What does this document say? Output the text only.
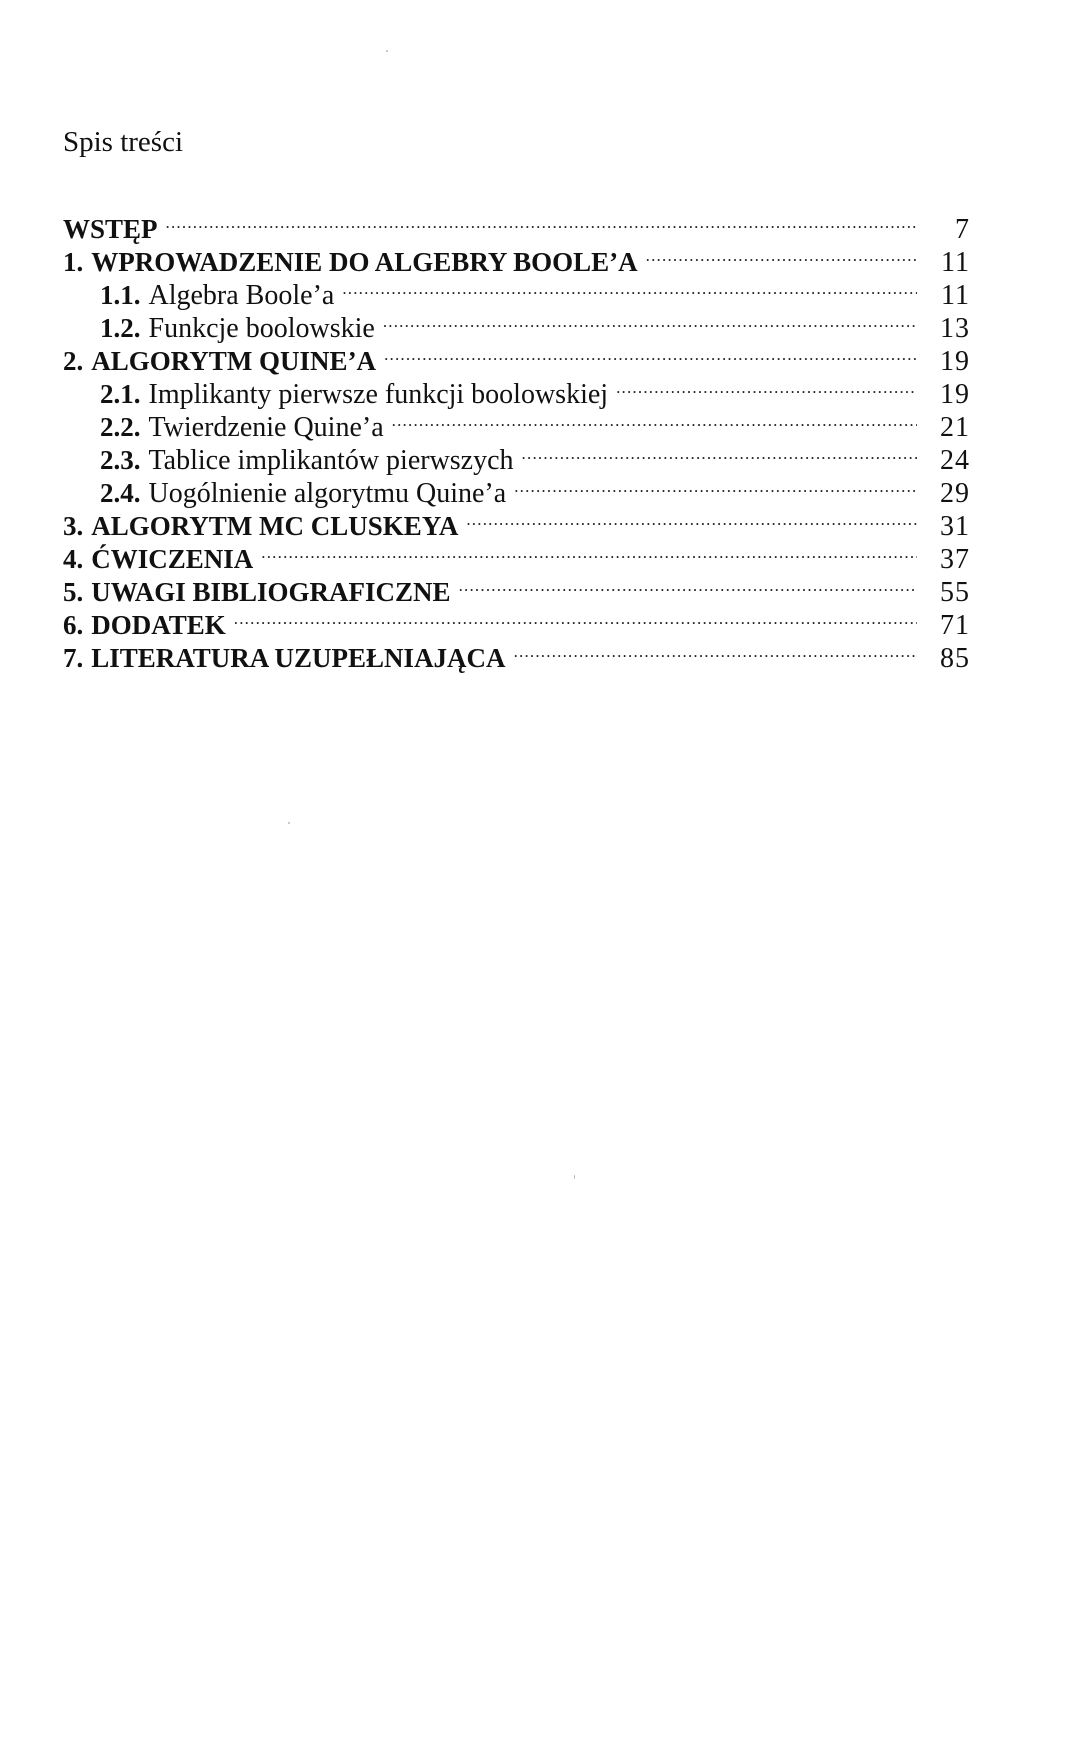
Spis treści
WSTĘP .....	7
1. WPROWADZENIE DO ALGEBRY BOOLE’A .....	11
1.1. Algebra Boole’a .....	11
1.2. Funkcje boolowskie .....	13
2. ALGORYTM QUINE’A .....	19
2.1. Implikanty pierwsze funkcji boolowskiej .....	19
2.2. Twierdzenie Quine’a .....	21
2.3. Tablice implikantów pierwszych .....	24
2.4. Uogólnienie algorytmu Quine’a .....	29
3. ALGORYTM MC CLUSKEYA .....	31
4. ĆWICZENIA .....	37
5. UWAGI BIBLIOGRAFICZNE .....	55
6. DODATEK .....	71
7. LITERATURA UZUPEŁNIAJĄCA .....	85
